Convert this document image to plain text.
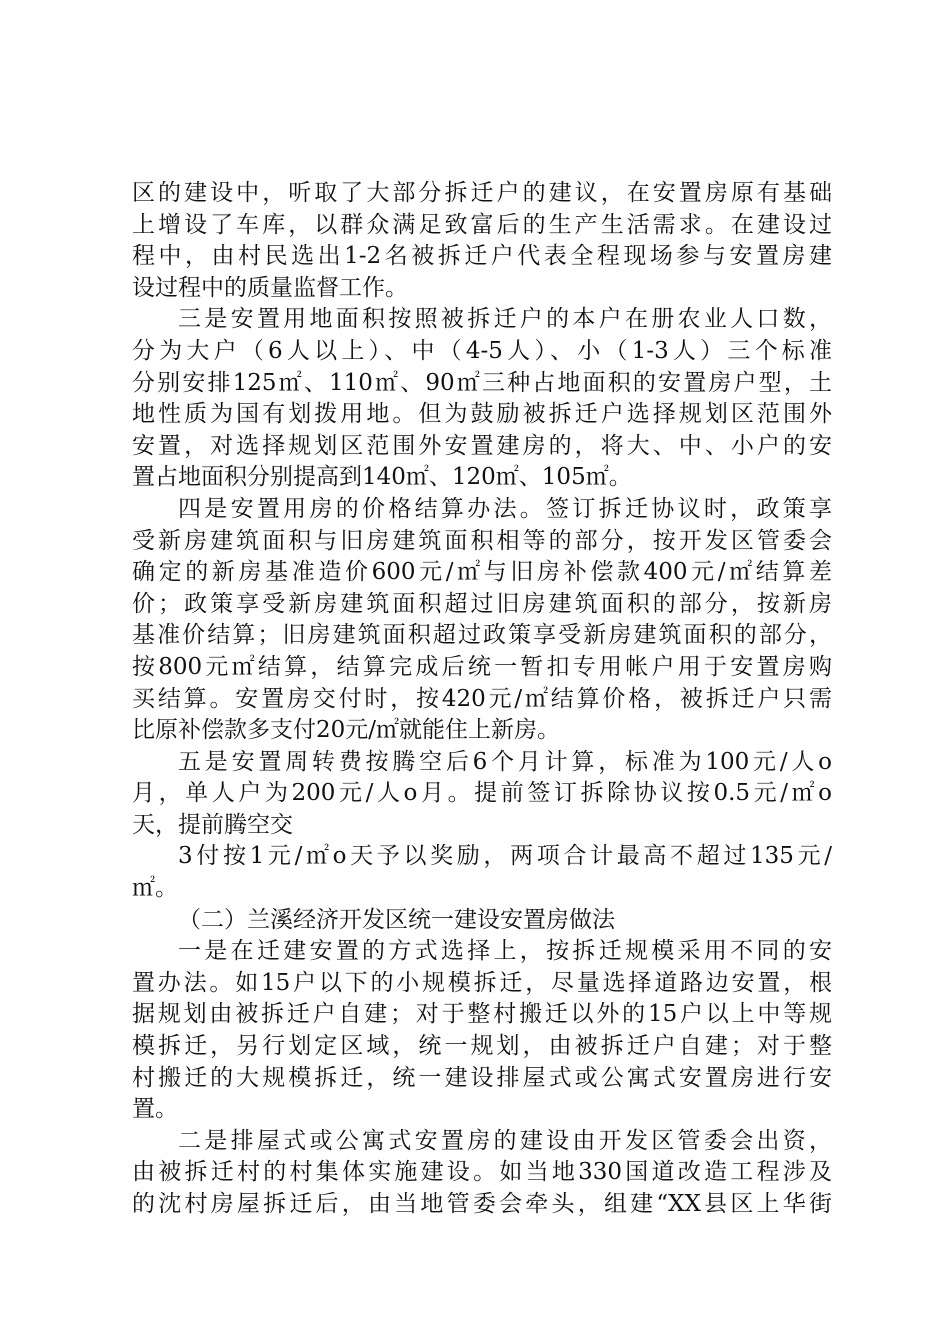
区的建设中，听取了大部分拆迁户的建议，在安置房原有基础
上增设了车库，以群众满足致富后的生产生活需求。在建设过
程中，由村民选出1-2名被拆迁户代表全程现场参与安置房建
设过程中的质量监督工作。
三是安置用地面积按照被拆迁户的本户在册农业人口数，
分为大户（6人以上）、中（4-5人）、小（1-3人）三个标准
分别安排125㎡、110㎡、90㎡三种占地面积的安置房户型，土
地性质为国有划拨用地。但为鼓励被拆迁户选择规划区范围外
安置，对选择规划区范围外安置建房的，将大、中、小户的安
置占地面积分别提高到140㎡、120㎡、105㎡。
四是安置用房的价格结算办法。签订拆迁协议时，政策享
受新房建筑面积与旧房建筑面积相等的部分，按开发区管委会
确定的新房基准造价600元/㎡与旧房补偿款400元/㎡结算差
价；政策享受新房建筑面积超过旧房建筑面积的部分，按新房
基准价结算；旧房建筑面积超过政策享受新房建筑面积的部分，
按800元㎡结算，结算完成后统一暂扣专用帐户用于安置房购
买结算。安置房交付时，按420元/㎡结算价格，被拆迁户只需
比原补偿款多支付20元/㎡就能住上新房。
五是安置周转费按腾空后6个月计算，标准为100元/人o
月，单人户为200元/人o月。提前签订拆除协议按0.5元/㎡o
天，提前腾空交
3付按1元/㎡o天予以奖励，两项合计最高不超过135元/
㎡。
（二）兰溪经济开发区统一建设安置房做法
一是在迁建安置的方式选择上，按拆迁规模采用不同的安
置办法。如15户以下的小规模拆迁，尽量选择道路边安置，根
据规划由被拆迁户自建；对于整村搬迁以外的15户以上中等规
模拆迁，另行划定区域，统一规划，由被拆迁户自建；对于整
村搬迁的大规模拆迁，统一建设排屋式或公寓式安置房进行安
置。
二是排屋式或公寓式安置房的建设由开发区管委会出资，
由被拆迁村的村集体实施建设。如当地330国道改造工程涉及
的沈村房屋拆迁后，由当地管委会牵头，组建“XX县区上华街
